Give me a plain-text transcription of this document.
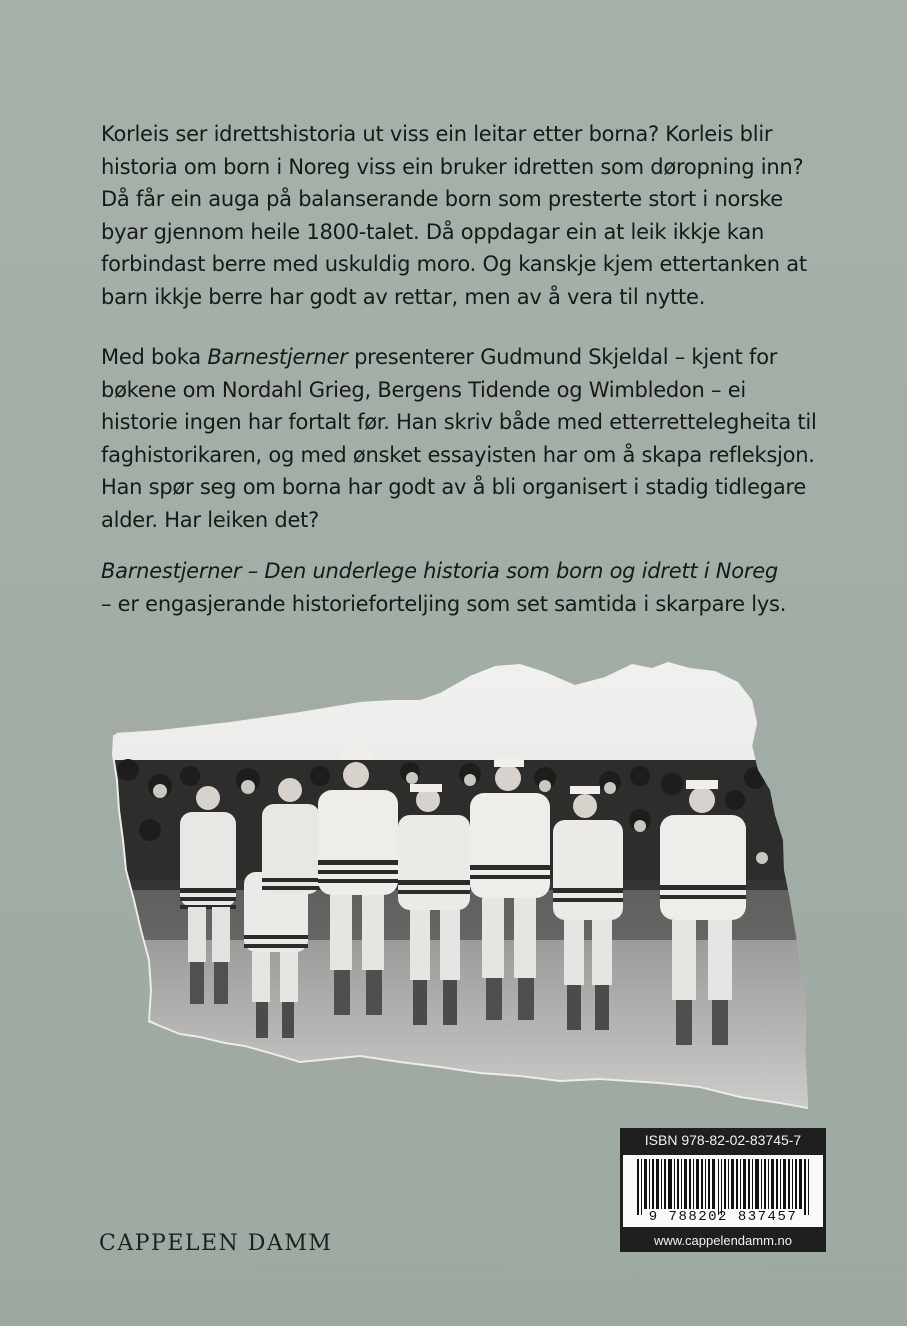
Korleis ser idrettshistoria ut viss ein leitar etter borna? Korleis blir historia om born i Noreg viss ein bruker idretten som døropning inn? Då får ein auga på balanserande born som presterte stort i norske byar gjennom heile 1800-talet. Då oppdagar ein at leik ikkje kan forbindast berre med uskuldig moro. Og kanskje kjem ettertanken at barn ikkje berre har godt av rettar, men av å vera til nytte.

Med boka Barnestjerner presenterer Gudmund Skjeldal – kjent for bøkene om Nordahl Grieg, Bergens Tidende og Wimbledon – ei historie ingen har fortalt før. Han skriv både med etterrettelegheita til faghistorikaren, og med ønsket essayisten har om å skapa refleksjon. Han spør seg om borna har godt av å bli organisert i stadig tidlegare alder. Har leiken det?

Barnestjerner – Den underlege historia som born og idrett i Noreg
– er engasjerande historieforteljing som set samtida i skarpare lys.

CAPPELEN DAMM
ISBN 978-82-02-83745-7
9 788202 837457
www.cappelendamm.no
